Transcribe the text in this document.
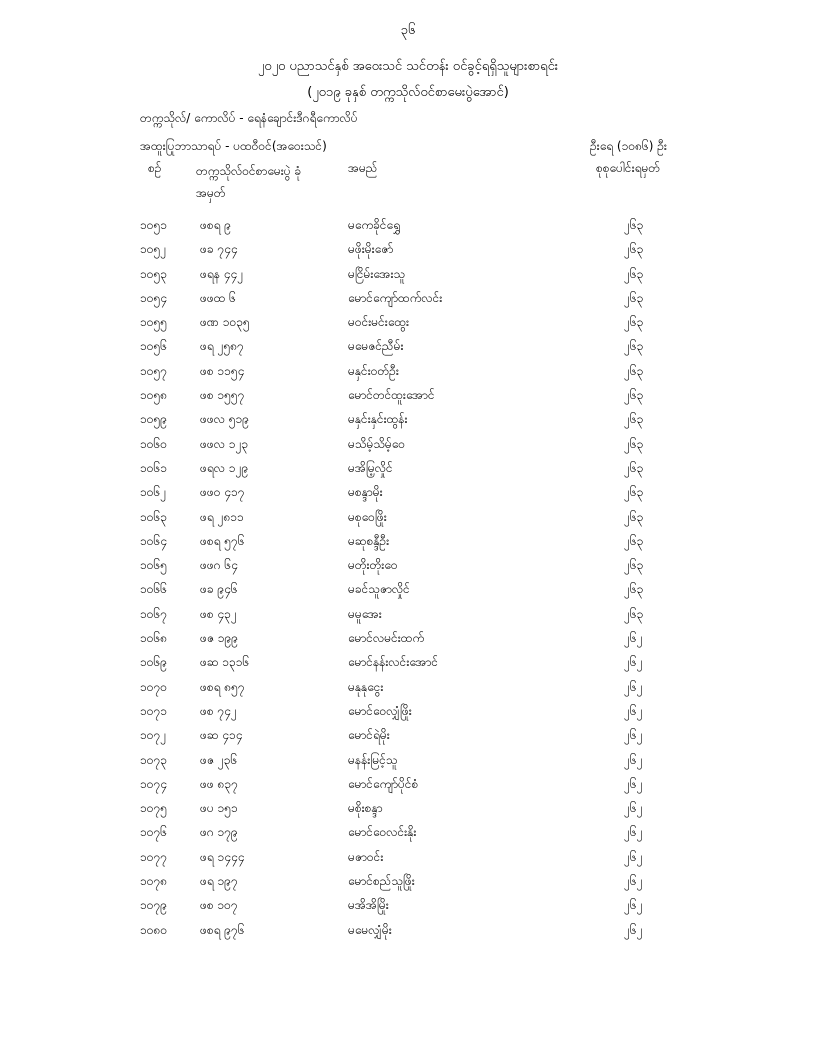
၃၆
၂၀၂၀ ပညာသင်နှစ် အဝေးသင် သင်တန်း ဝင်ခွင့်ရရှိသူများစာရင်း
(၂၀၁၉ ခုနှစ် တက္ကသိုလ်ဝင်စာမေးပွဲအောင်)
တက္ကသိုလ်/ ကောလိပ် - ရေနံချောင်းဒီဂရီကောလိပ်
အထူးပြုဘာသာရပ် - ပထဝီဝင်(အဝေးသင်)	ဦးရေ (၁၀၈၆) ဦး
စဉ်	တက္ကသိုလ်ဝင်စာမေးပွဲ ခုံအမှတ်
အမည်	စုစုပေါင်းရမှတ်
၁၀၅၁	ဖစရ ၉	မကေခိုင်ရွှေ	၂၆၃
၁၀၅၂	ဖခ ၇၄၄	မဖိုးမိုးဇော်	၂၆၃
၁၀၅၃	ဖရန ၄၄၂	မငြိမ်းအေးသူ	၂၆၃
၁၀၅၄	ဖဖထ ၆	မောင်ကျော်ထက်လင်း	၂၆၃
၁၀၅၅	ဖဏ ၁၀၃၅	မဝင်းမင်းထွေး	၂၆၃
၁၀၅၆	ဖရ ၂၅၈၇	မမေဇင်ညီမ်း	၂၆၃
၁၀၅၇	ဖစ ၁၁၅၄	မနှင်းဝတ်ဦး	၂၆၃
၁၀၅၈	ဖစ ၁၅၅၇	မောင်တင်ထူးအောင်	၂၆၃
၁၀၅၉	ဖဖလ ၅၁၉	မနှင်းနှင်းထွန်း	၂၆၃
၁၀၆၀	ဖဖလ ၁၂၃	မသိမ့်သိမ့်ဝေ	၂၆၃
၁၀၆၁	ဖရလ ၁၂၉	မအိမြ့လှိုင်	၂၆၃
၁၀၆၂	ဖဖဝ ၄၁၇	မစန္ဒာမိုး	၂၆၃
၁၀၆၃	ဖရ ၂၈၁၁	မစုဝေဖြိုး	၂၆၃
၁၀၆၄	ဖစရ ၅၇၆	မဆုစန္ဒီဦး	၂၆၃
၁၀၆၅	ဖဖဂ ၆၄	မတိုးတိုးဝေ	၂၆၃
၁၀၆၆	ဖခ ၉၄၆	မခင်သူဇာလှိုင်	၂၆၃
၁၀၆၇	ဖစ ၄၃၂	မမူအေး	၂၆၃
၁၀၆၈	ဖဇ ၁၉၉	မောင်လမင်းထက်	၂၆၂
၁၀၆၉	ဖဆ ၁၃၁၆	မောင်နန်းလင်းအောင်	၂၆၂
၁၀၇၀	ဖစရ ၈၅၇	မနုနုငွေး	၂၆၂
၁၀၇၁	ဖစ ၇၄၂	မောင်ဝေလျှံဖြိုး	၂၆၂
၁၀၇၂	ဖဆ ၄၁၄	မောင်ရဲမိုး	၂၆၂
၁၀၇၃	ဖဇ ၂၃၆	မနန်းမြင့်သူ	၂၆၂
၁၀၇၄	ဖဖ ၈၃၇	မောင်ကျော်ပိုင်စံ	၂၆၂
၁၀၇၅	ဖပ ၁၅၁	မစိုးစန္ဒာ	၂၆၂
၁၀၇၆	ဖဂ ၁၇၉	မောင်ဝေလင်းနိုး	၂၆၂
၁၀၇၇	ဖရ ၁၄၄၄	မဇာဝင်း	၂၆၂
၁၀၇၈	ဖရ ၁၉၇	မောင်စည်သူဖြိုး	၂၆၂
၁၀၇၉	ဖစ ၁၀၇	မအိအိမြိုး	၂၆၂
၁၀၈၀	ဖစရ ၉၇၆	မမေလျှံမိုး	၂၆၂
